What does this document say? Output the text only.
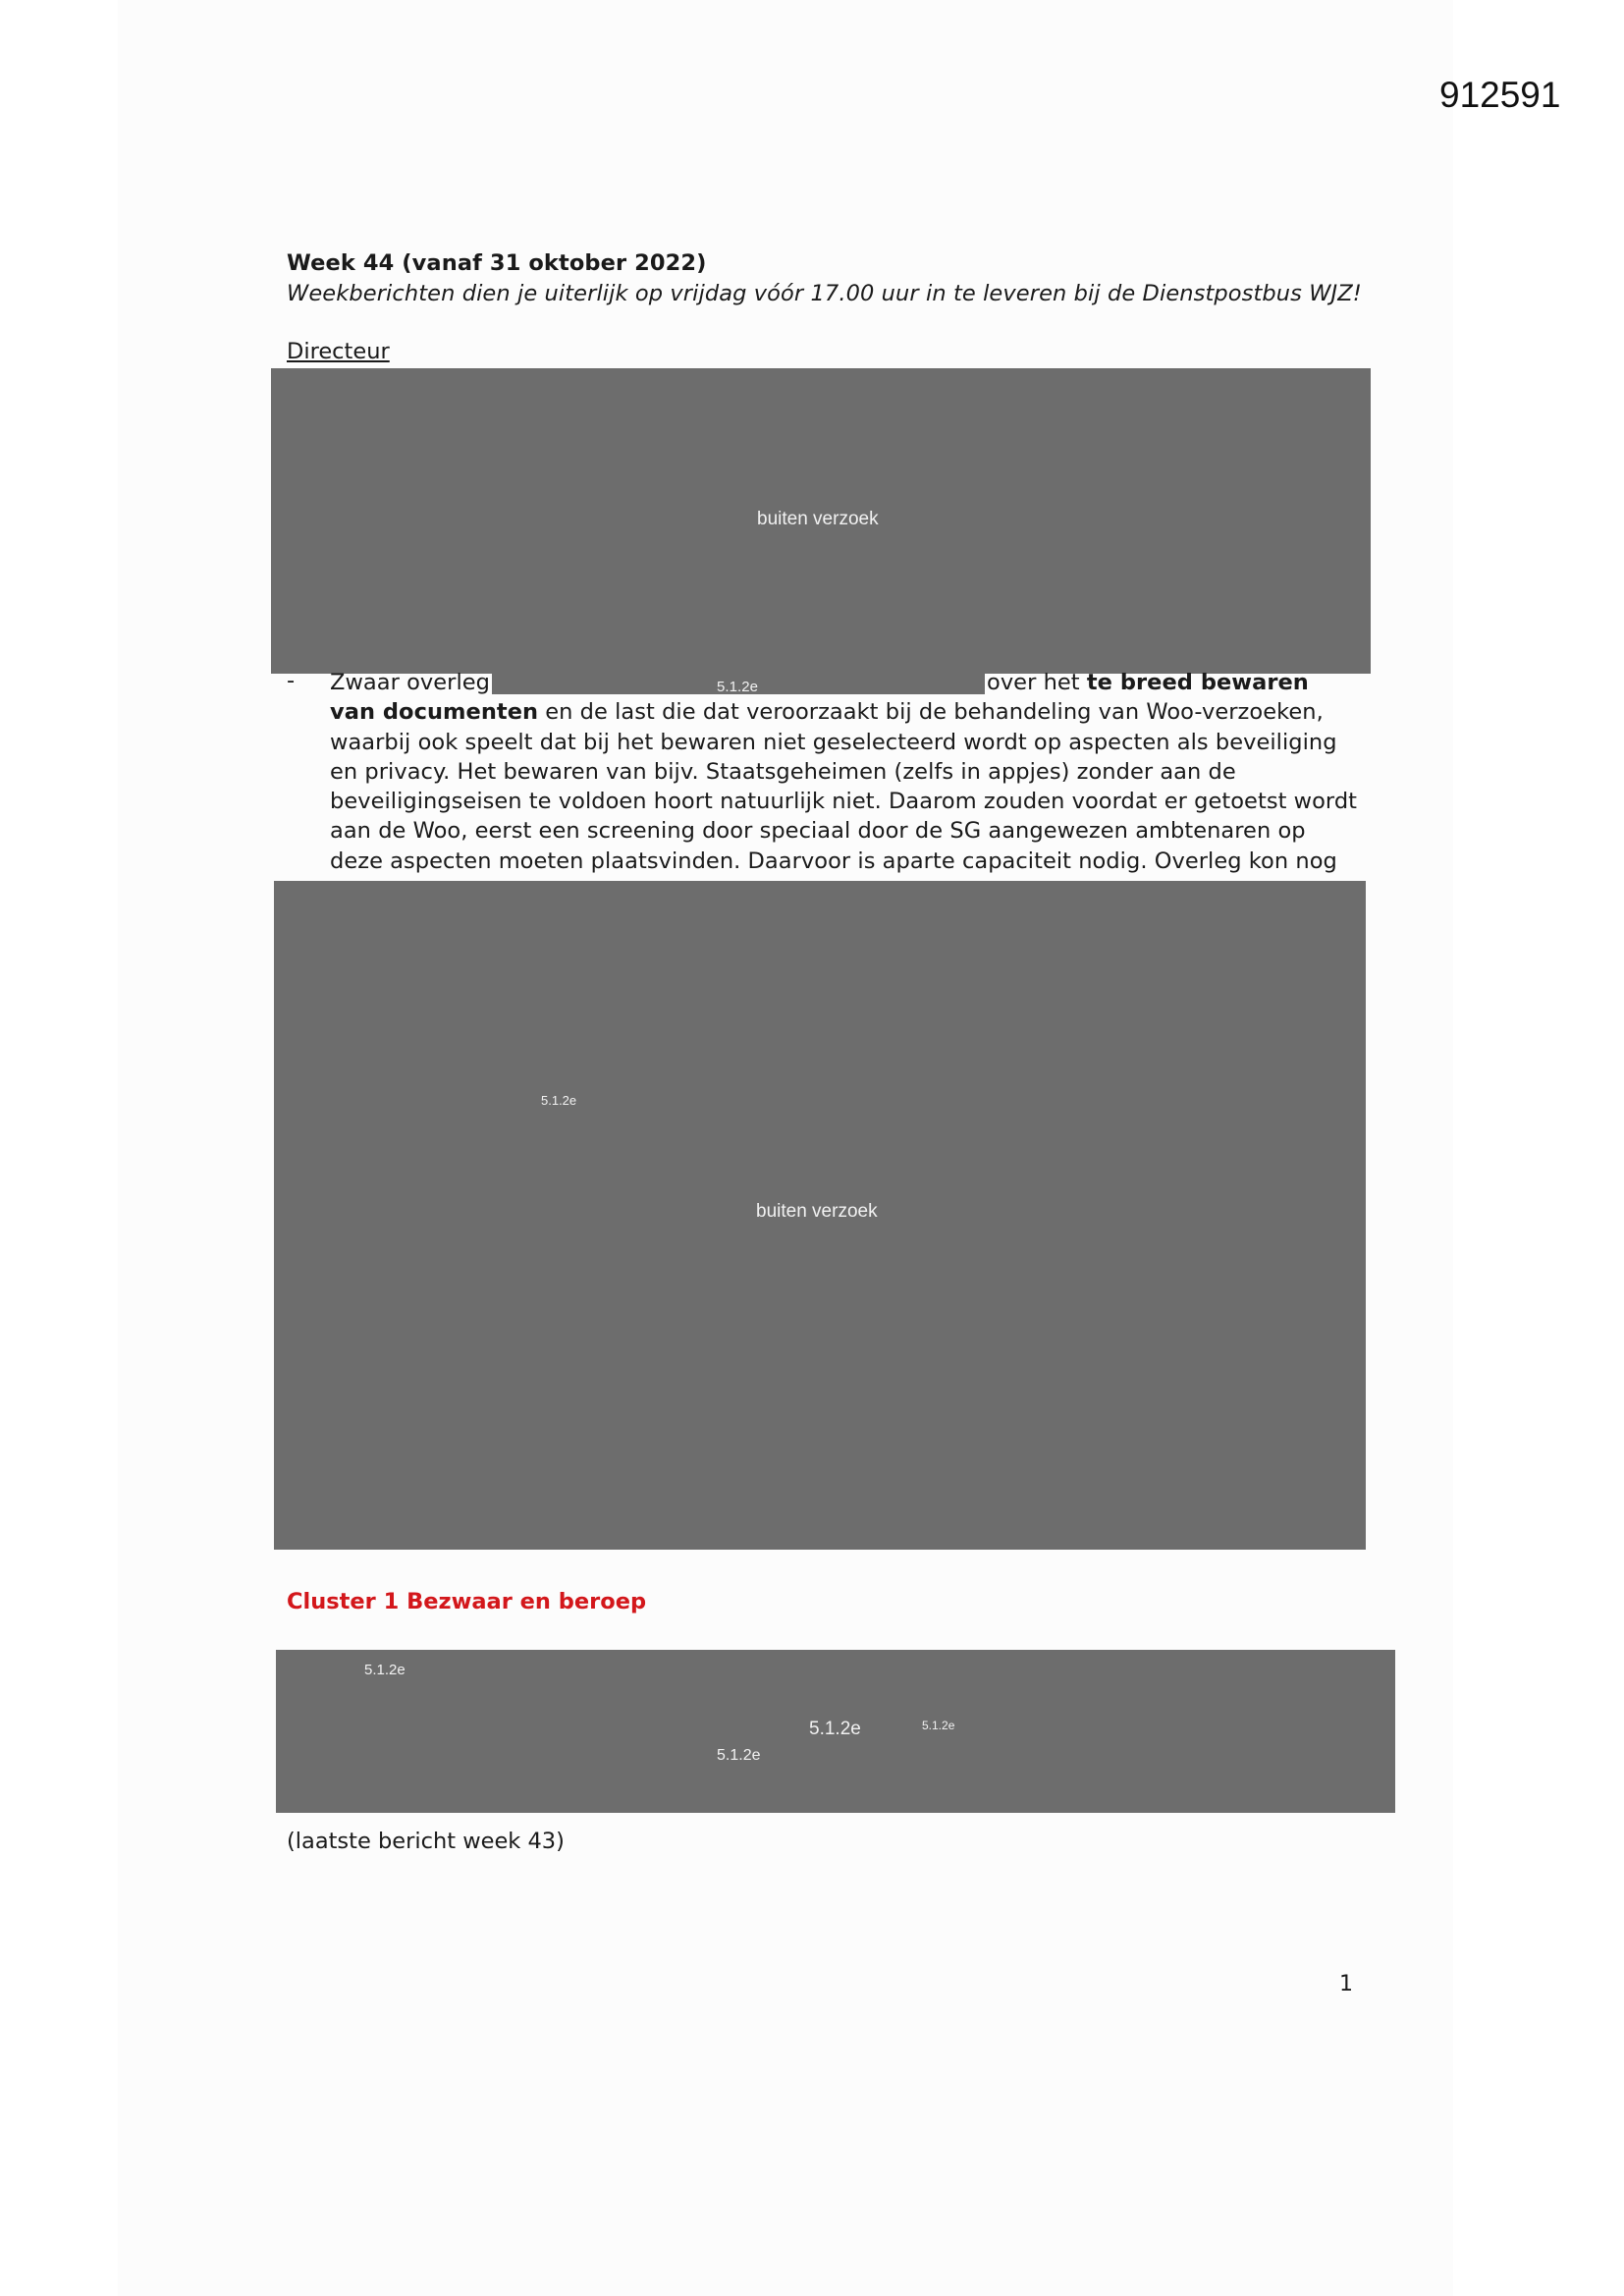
912591
Week 44 (vanaf 31 oktober 2022)
Weekberichten dien je uiterlijk op vrijdag vóór 17.00 uur in te leveren bij de Dienstpostbus WJZ!
Directeur
buiten verzoek
- Zwaar overleg	5.1.2e	over het te breed bewaren van documenten en de last die dat veroorzaakt bij de behandeling van Woo-verzoeken, waarbij ook speelt dat bij het bewaren niet geselecteerd wordt op aspecten als beveiliging en privacy. Het bewaren van bijv. Staatsgeheimen (zelfs in appjes) zonder aan de beveiligingseisen te voldoen hoort natuurlijk niet. Daarom zouden voordat er getoetst wordt aan de Woo, eerst een screening door speciaal door de SG aangewezen ambtenaren op deze aspecten moeten plaatsvinden. Daarvoor is aparte capaciteit nodig. Overleg kon nog
5.1.2e
buiten verzoek
Cluster 1 Bezwaar en beroep
5.1.2e
5.1.2e	5.1.2e
5.1.2e
(laatste bericht week 43)
1
